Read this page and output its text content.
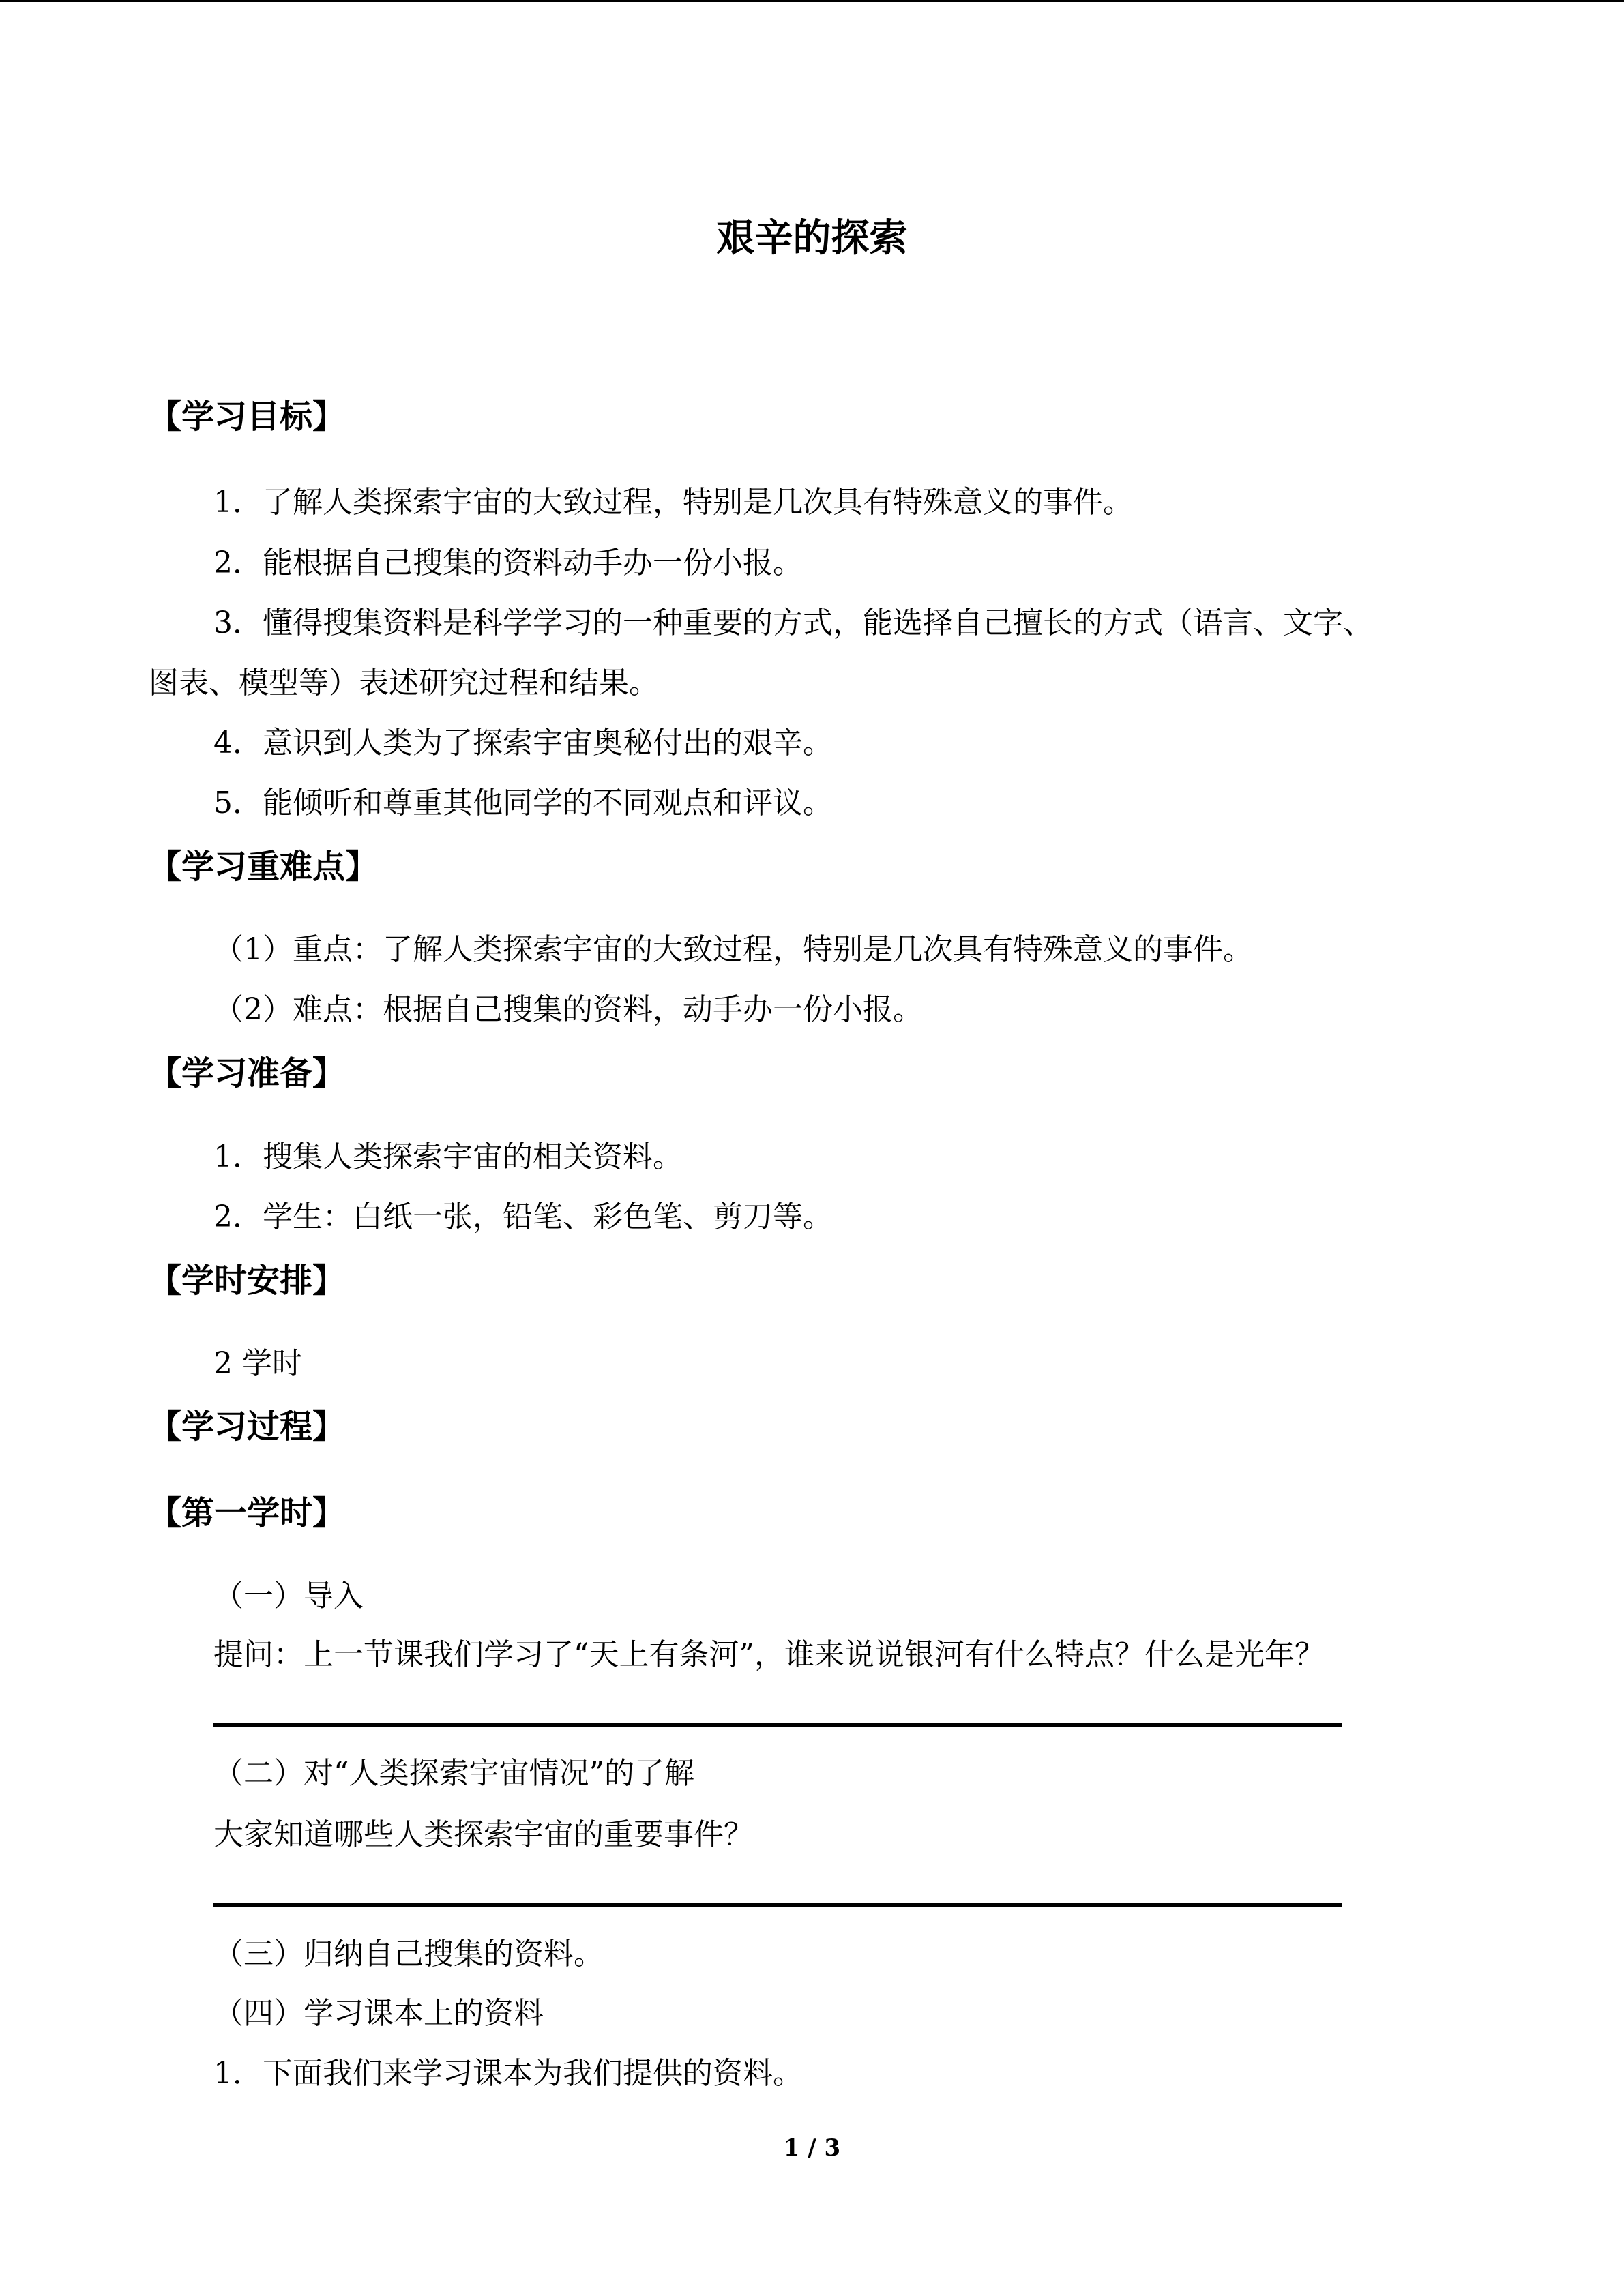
艰辛的探索
【学习目标】
1．了解人类探索宇宙的大致过程，特别是几次具有特殊意义的事件。
2．能根据自己搜集的资料动手办一份小报。
3．懂得搜集资料是科学学习的一种重要的方式，能选择自己擅长的方式（语言、文字、
图表、模型等）表述研究过程和结果。
4．意识到人类为了探索宇宙奥秘付出的艰辛。
5．能倾听和尊重其他同学的不同观点和评议。
【学习重难点】
（1）重点：了解人类探索宇宙的大致过程，特别是几次具有特殊意义的事件。
（2）难点：根据自己搜集的资料，动手办一份小报。
【学习准备】
1．搜集人类探索宇宙的相关资料。
2．学生：白纸一张，铅笔、彩色笔、剪刀等。
【学时安排】
2 学时
【学习过程】
【第一学时】
（一）导入
提问：上一节课我们学习了“天上有条河”，谁来说说银河有什么特点？什么是光年？
（二）对“人类探索宇宙情况”的了解
大家知道哪些人类探索宇宙的重要事件？
（三）归纳自己搜集的资料。
（四）学习课本上的资料
1．下面我们来学习课本为我们提供的资料。
1 / 3
